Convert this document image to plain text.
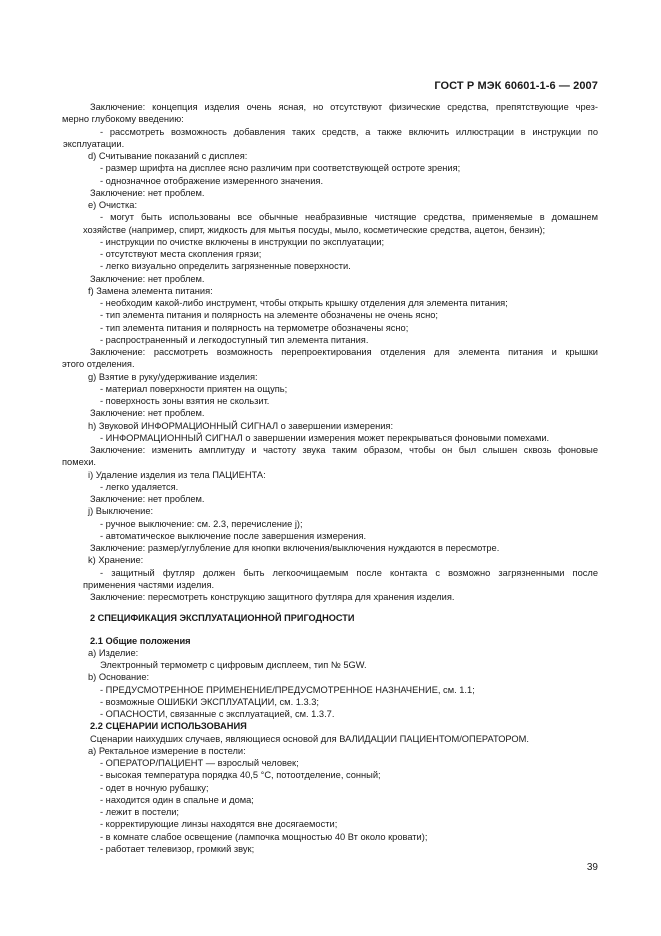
ГОСТ Р МЭК 60601-1-6 — 2007
Заключение: концепция изделия очень ясная, но отсутствуют физические средства, препятствующие чрез-
мерно глубокому введению:
- рассмотреть возможность добавления таких средств, а также включить иллюстрации в инструкции по
эксплуатации.
d) Считывание показаний с дисплея:
- размер шрифта на дисплее ясно различим при соответствующей остроте зрения;
- однозначное отображение измеренного значения.
Заключение: нет проблем.
e) Очистка:
- могут быть использованы все обычные неабразивные чистящие средства, применяемые в домашнем
хозяйстве (например, спирт, жидкость для мытья посуды, мыло, косметические средства, ацетон, бензин);
- инструкции по очистке включены в инструкции по эксплуатации;
- отсутствуют места скопления грязи;
- легко визуально определить загрязненные поверхности.
Заключение: нет проблем.
f) Замена элемента питания:
- необходим какой-либо инструмент, чтобы открыть крышку отделения для элемента питания;
- тип элемента питания и полярность на элементе обозначены не очень ясно;
- тип элемента питания и полярность на термометре обозначены ясно;
- распространенный и легкодоступный тип элемента питания.
Заключение: рассмотреть возможность перепроектирования отделения для элемента питания и крышки
этого отделения.
g) Взятие в руку/удерживание изделия:
- материал поверхности приятен на ощупь;
- поверхность зоны взятия не скользит.
Заключение: нет проблем.
h) Звуковой ИНФОРМАЦИОННЫЙ СИГНАЛ о завершении измерения:
- ИНФОРМАЦИОННЫЙ СИГНАЛ о завершении измерения может перекрываться фоновыми помехами.
Заключение: изменить амплитуду и частоту звука таким образом, чтобы он был слышен сквозь фоновые
помехи.
i) Удаление изделия из тела ПАЦИЕНТА:
- легко удаляется.
Заключение: нет проблем.
j) Выключение:
- ручное выключение: см. 2.3, перечисление j);
- автоматическое выключение после завершения измерения.
Заключение: размер/углубление для кнопки включения/выключения нуждаются в пересмотре.
k) Хранение:
- защитный футляр должен быть легкоочищаемым после контакта с возможно загрязненными после
применения частями изделия.
Заключение: пересмотреть конструкцию защитного футляра для хранения изделия.
2 СПЕЦИФИКАЦИЯ ЭКСПЛУАТАЦИОННОЙ ПРИГОДНОСТИ
2.1 Общие положения
a) Изделие:
Электронный термометр с цифровым дисплеем, тип № 5GW.
b) Основание:
- ПРЕДУСМОТРЕННОЕ ПРИМЕНЕНИЕ/ПРЕДУСМОТРЕННОЕ НАЗНАЧЕНИЕ, см. 1.1;
- возможные ОШИБКИ ЭКСПЛУАТАЦИИ, см. 1.3.3;
- ОПАСНОСТИ, связанные с эксплуатацией, см. 1.3.7.
2.2 СЦЕНАРИИ ИСПОЛЬЗОВАНИЯ
Сценарии наихудших случаев, являющиеся основой для ВАЛИДАЦИИ ПАЦИЕНТОМ/ОПЕРАТОРОМ.
a) Ректальное измерение в постели:
- ОПЕРАТОР/ПАЦИЕНТ — взрослый человек;
- высокая температура порядка 40,5 °С, потоотделение, сонный;
- одет в ночную рубашку;
- находится один в спальне и дома;
- лежит в постели;
- корректирующие линзы находятся вне досягаемости;
- в комнате слабое освещение (лампочка мощностью 40 Вт около кровати);
- работает телевизор, громкий звук;
39
